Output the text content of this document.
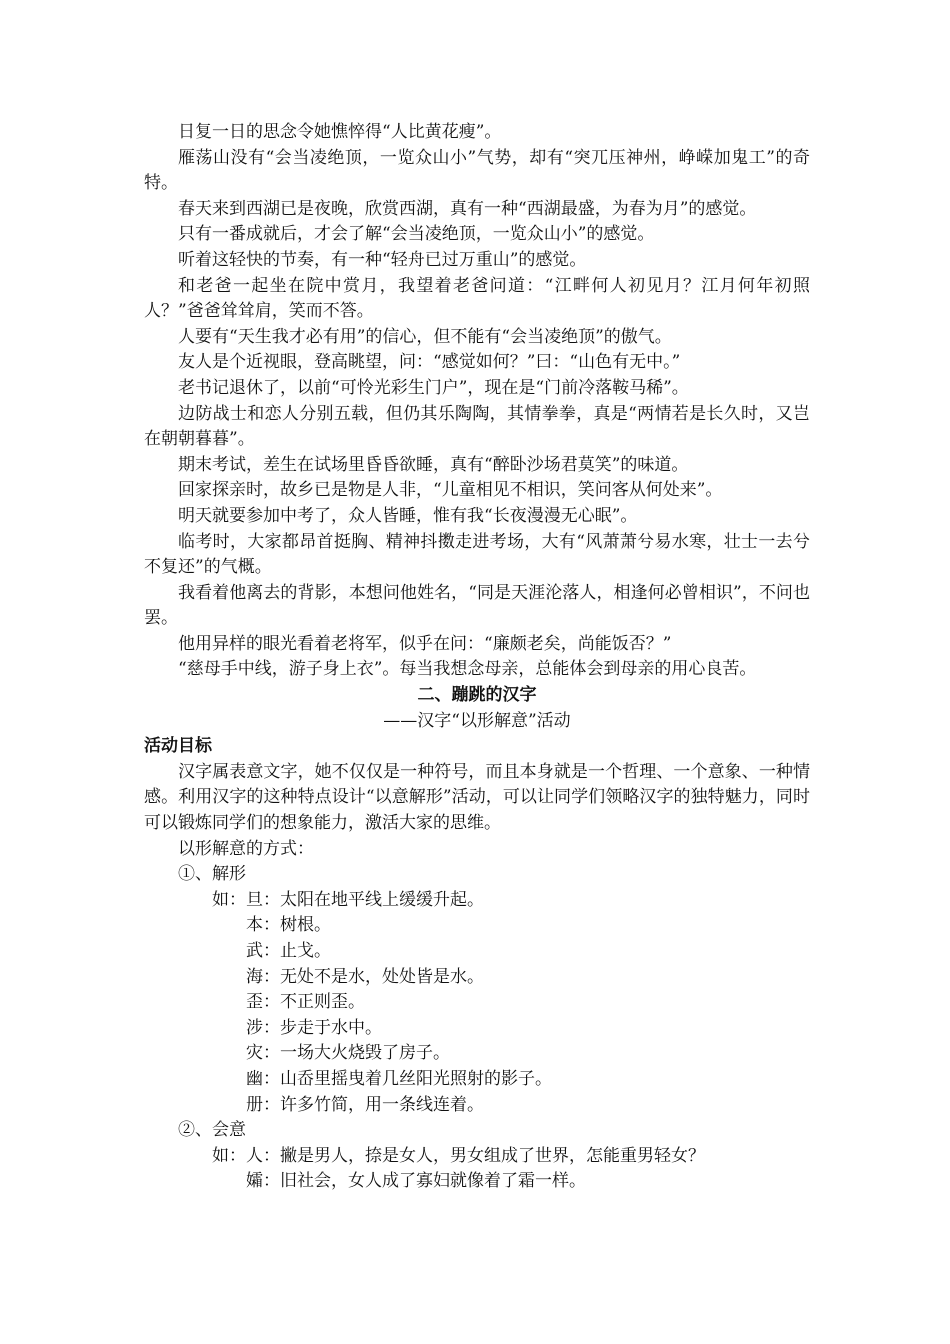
日复一日的思念令她憔悴得“人比黄花瘦”。

雁荡山没有“会当凌绝顶，一览众山小”气势，却有“突兀压神州，峥嵘加鬼工”的奇特。

春天来到西湖已是夜晚，欣赏西湖，真有一种“西湖最盛，为春为月”的感觉。

只有一番成就后，才会了解“会当凌绝顶，一览众山小”的感觉。

听着这轻快的节奏，有一种“轻舟已过万重山”的感觉。

和老爸一起坐在院中赏月，我望着老爸问道：“江畔何人初见月？江月何年初照人？”爸爸耸耸肩，笑而不答。

人要有“天生我才必有用”的信心，但不能有“会当凌绝顶”的傲气。

友人是个近视眼，登高眺望，问：“感觉如何？”曰：“山色有无中。”

老书记退休了，以前“可怜光彩生门户”，现在是“门前冷落鞍马稀”。

边防战士和恋人分别五载，但仍其乐陶陶，其情拳拳，真是“两情若是长久时，又岂在朝朝暮暮”。

期末考试，差生在试场里昏昏欲睡，真有“醉卧沙场君莫笑”的味道。

回家探亲时，故乡已是物是人非，“儿童相见不相识，笑问客从何处来”。

明天就要参加中考了，众人皆睡，惟有我“长夜漫漫无心眠”。

临考时，大家都昂首挺胸、精神抖擞走进考场，大有“风萧萧兮易水寒，壮士一去兮不复还”的气概。

我看着他离去的背影，本想问他姓名，“同是天涯沦落人，相逢何必曾相识”，不问也罢。

他用异样的眼光看着老将军，似乎在问：“廉颇老矣，尚能饭否？”

“慈母手中线，游子身上衣”。每当我想念母亲，总能体会到母亲的用心良苦。

二、蹦跳的汉字

——汉字“以形解意”活动

活动目标

汉字属表意文字，她不仅仅是一种符号，而且本身就是一个哲理、一个意象、一种情感。利用汉字的这种特点设计“以意解形”活动，可以让同学们领略汉字的独特魅力，同时可以锻炼同学们的想象能力，激活大家的思维。

以形解意的方式：

①、解形

如：旦：太阳在地平线上缓缓升起。

本：树根。

武：止戈。

海：无处不是水，处处皆是水。

歪：不正则歪。

涉：步走于水中。

灾：一场大火烧毁了房子。

幽：山岙里摇曳着几丝阳光照射的影子。

册：许多竹简，用一条线连着。

②、会意

如：人：撇是男人，捺是女人，男女组成了世界，怎能重男轻女？

孀：旧社会，女人成了寡妇就像着了霜一样。
